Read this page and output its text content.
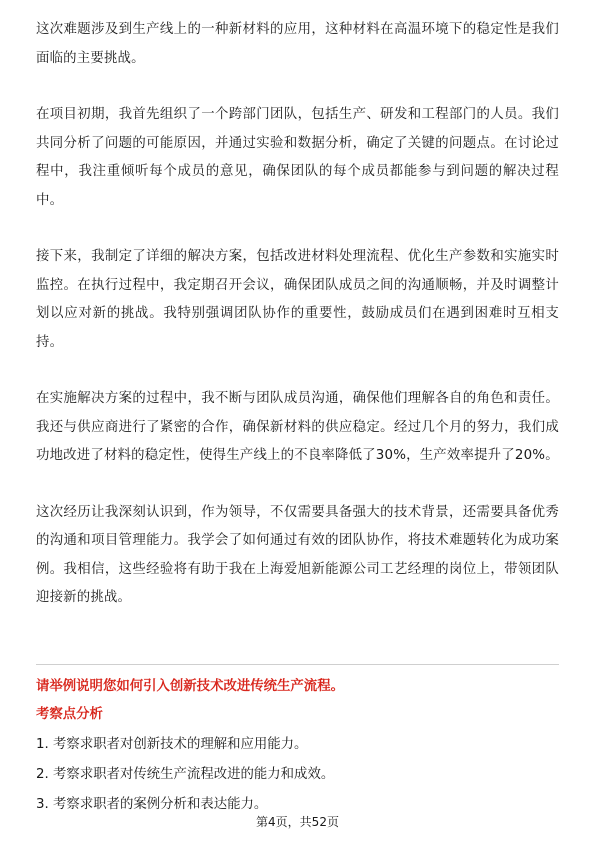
这次难题涉及到生产线上的一种新材料的应用，这种材料在高温环境下的稳定性是我们面临的主要挑战。

在项目初期，我首先组织了一个跨部门团队，包括生产、研发和工程部门的人员。我们共同分析了问题的可能原因，并通过实验和数据分析，确定了关键的问题点。在讨论过程中，我注重倾听每个成员的意见，确保团队的每个成员都能参与到问题的解决过程中。

接下来，我制定了详细的解决方案，包括改进材料处理流程、优化生产参数和实施实时监控。在执行过程中，我定期召开会议，确保团队成员之间的沟通顺畅，并及时调整计划以应对新的挑战。我特别强调团队协作的重要性，鼓励成员们在遇到困难时互相支持。

在实施解决方案的过程中，我不断与团队成员沟通，确保他们理解各自的角色和责任。我还与供应商进行了紧密的合作，确保新材料的供应稳定。经过几个月的努力，我们成功地改进了材料的稳定性，使得生产线上的不良率降低了30%，生产效率提升了20%。

这次经历让我深刻认识到，作为领导，不仅需要具备强大的技术背景，还需要具备优秀的沟通和项目管理能力。我学会了如何通过有效的团队协作，将技术难题转化为成功案例。我相信，这些经验将有助于我在上海爱旭新能源公司工艺经理的岗位上，带领团队迎接新的挑战。

请举例说明您如何引入创新技术改进传统生产流程。

考察点分析

1. 考察求职者对创新技术的理解和应用能力。
2. 考察求职者对传统生产流程改进的能力和成效。
3. 考察求职者的案例分析和表达能力。
第4页，共52页
